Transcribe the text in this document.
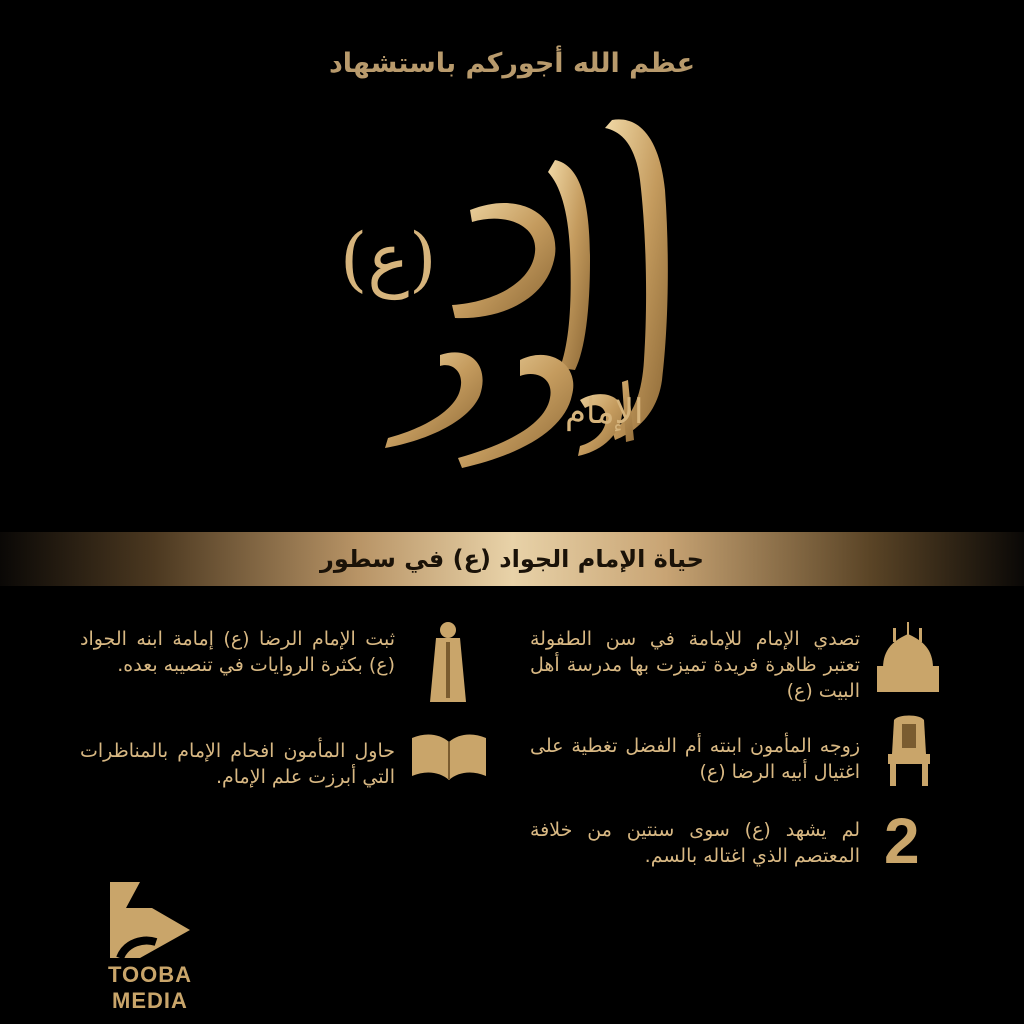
عظم الله أجوركم باستشهاد
(ع)
الإمام
حياة الإمام الجواد (ع) في سطور
تصدي الإمام للإمامة في سن الطفولة تعتبر ظاهرة فريدة تميزت بها مدرسة أهل البيت (ع)
زوجه المأمون ابنته أم الفضل تغطية على اغتيال أبيه الرضا (ع)
2
لم يشهد (ع) سوى سنتين من خلافة المعتصم الذي اغتاله بالسم.
ثبت الإمام الرضا (ع) إمامة ابنه الجواد (ع) بكثرة الروايات في تنصيبه بعده.
حاول المأمون افحام الإمام بالمناظرات التي أبرزت علم الإمام.
TOOBA MEDIA
